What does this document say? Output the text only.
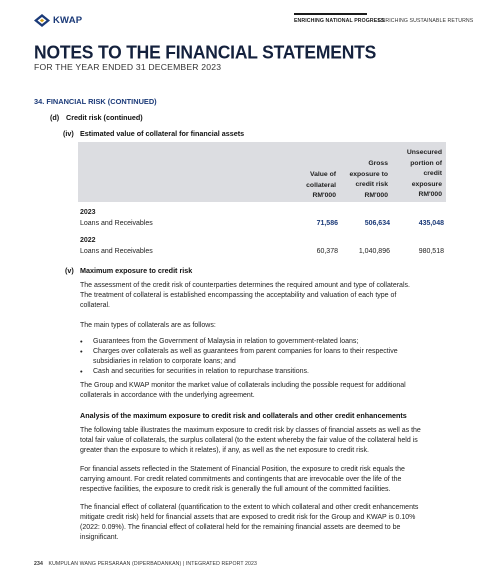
KWAP	ENRICHING NATIONAL PROGRESS
ENRICHING SUSTAINABLE RETURNS
NOTES TO THE FINANCIAL STATEMENTS
FOR THE YEAR ENDED 31 DECEMBER 2023
34. FINANCIAL RISK (CONTINUED)
(d) Credit risk (continued)
(iv) Estimated value of collateral for financial assets
Value of
collateral
RM'000
Gross
exposure to
credit risk
RM'000
Unsecured
portion of
credit
exposure
RM'000
2023
Loans and Receivables	71,586	506,634	435,048
2022
Loans and Receivables	60,378	1,040,896	980,518
(v) Maximum exposure to credit risk
The assessment of the credit risk of counterparties determines the required amount and type of collaterals.
The treatment of collateral is established encompassing the acceptability and valuation of each type of
collateral.
The main types of collaterals are as follows:
• Guarantees from the Government of Malaysia in relation to government-related loans;
• Charges over collaterals as well as guarantees from parent companies for loans to their respective
subsidiaries in relation to corporate loans; and
• Cash and securities for securities in relation to repurchase transitions.
The Group and KWAP monitor the market value of collaterals including the possible request for additional
collaterals in accordance with the underlying agreement.
Analysis of the maximum exposure to credit risk and collaterals and other credit enhancements
The following table illustrates the maximum exposure to credit risk by classes of financial assets as well as the
total fair value of collaterals, the surplus collateral (to the extent whereby the fair value of the collateral held is
greater than the exposure to which it relates), if any, as well as the net exposure to credit risk.
For financial assets reflected in the Statement of Financial Position, the exposure to credit risk equals the
carrying amount. For credit related commitments and contingents that are irrevocable over the life of the
respective facilities, the exposure to credit risk is generally the full amount of the committed facilities.
The financial effect of collateral (quantification to the extent to which collateral and other credit enhancements
mitigate credit risk) held for financial assets that are exposed to credit risk for the Group and KWAP is 0.10%
(2022: 0.09%). The financial effect of collateral held for the remaining financial assets are deemed to be
insignificant.
234 KUMPULAN WANG PERSARAAN (DIPERBADANKAN) | INTEGRATED REPORT 2023
